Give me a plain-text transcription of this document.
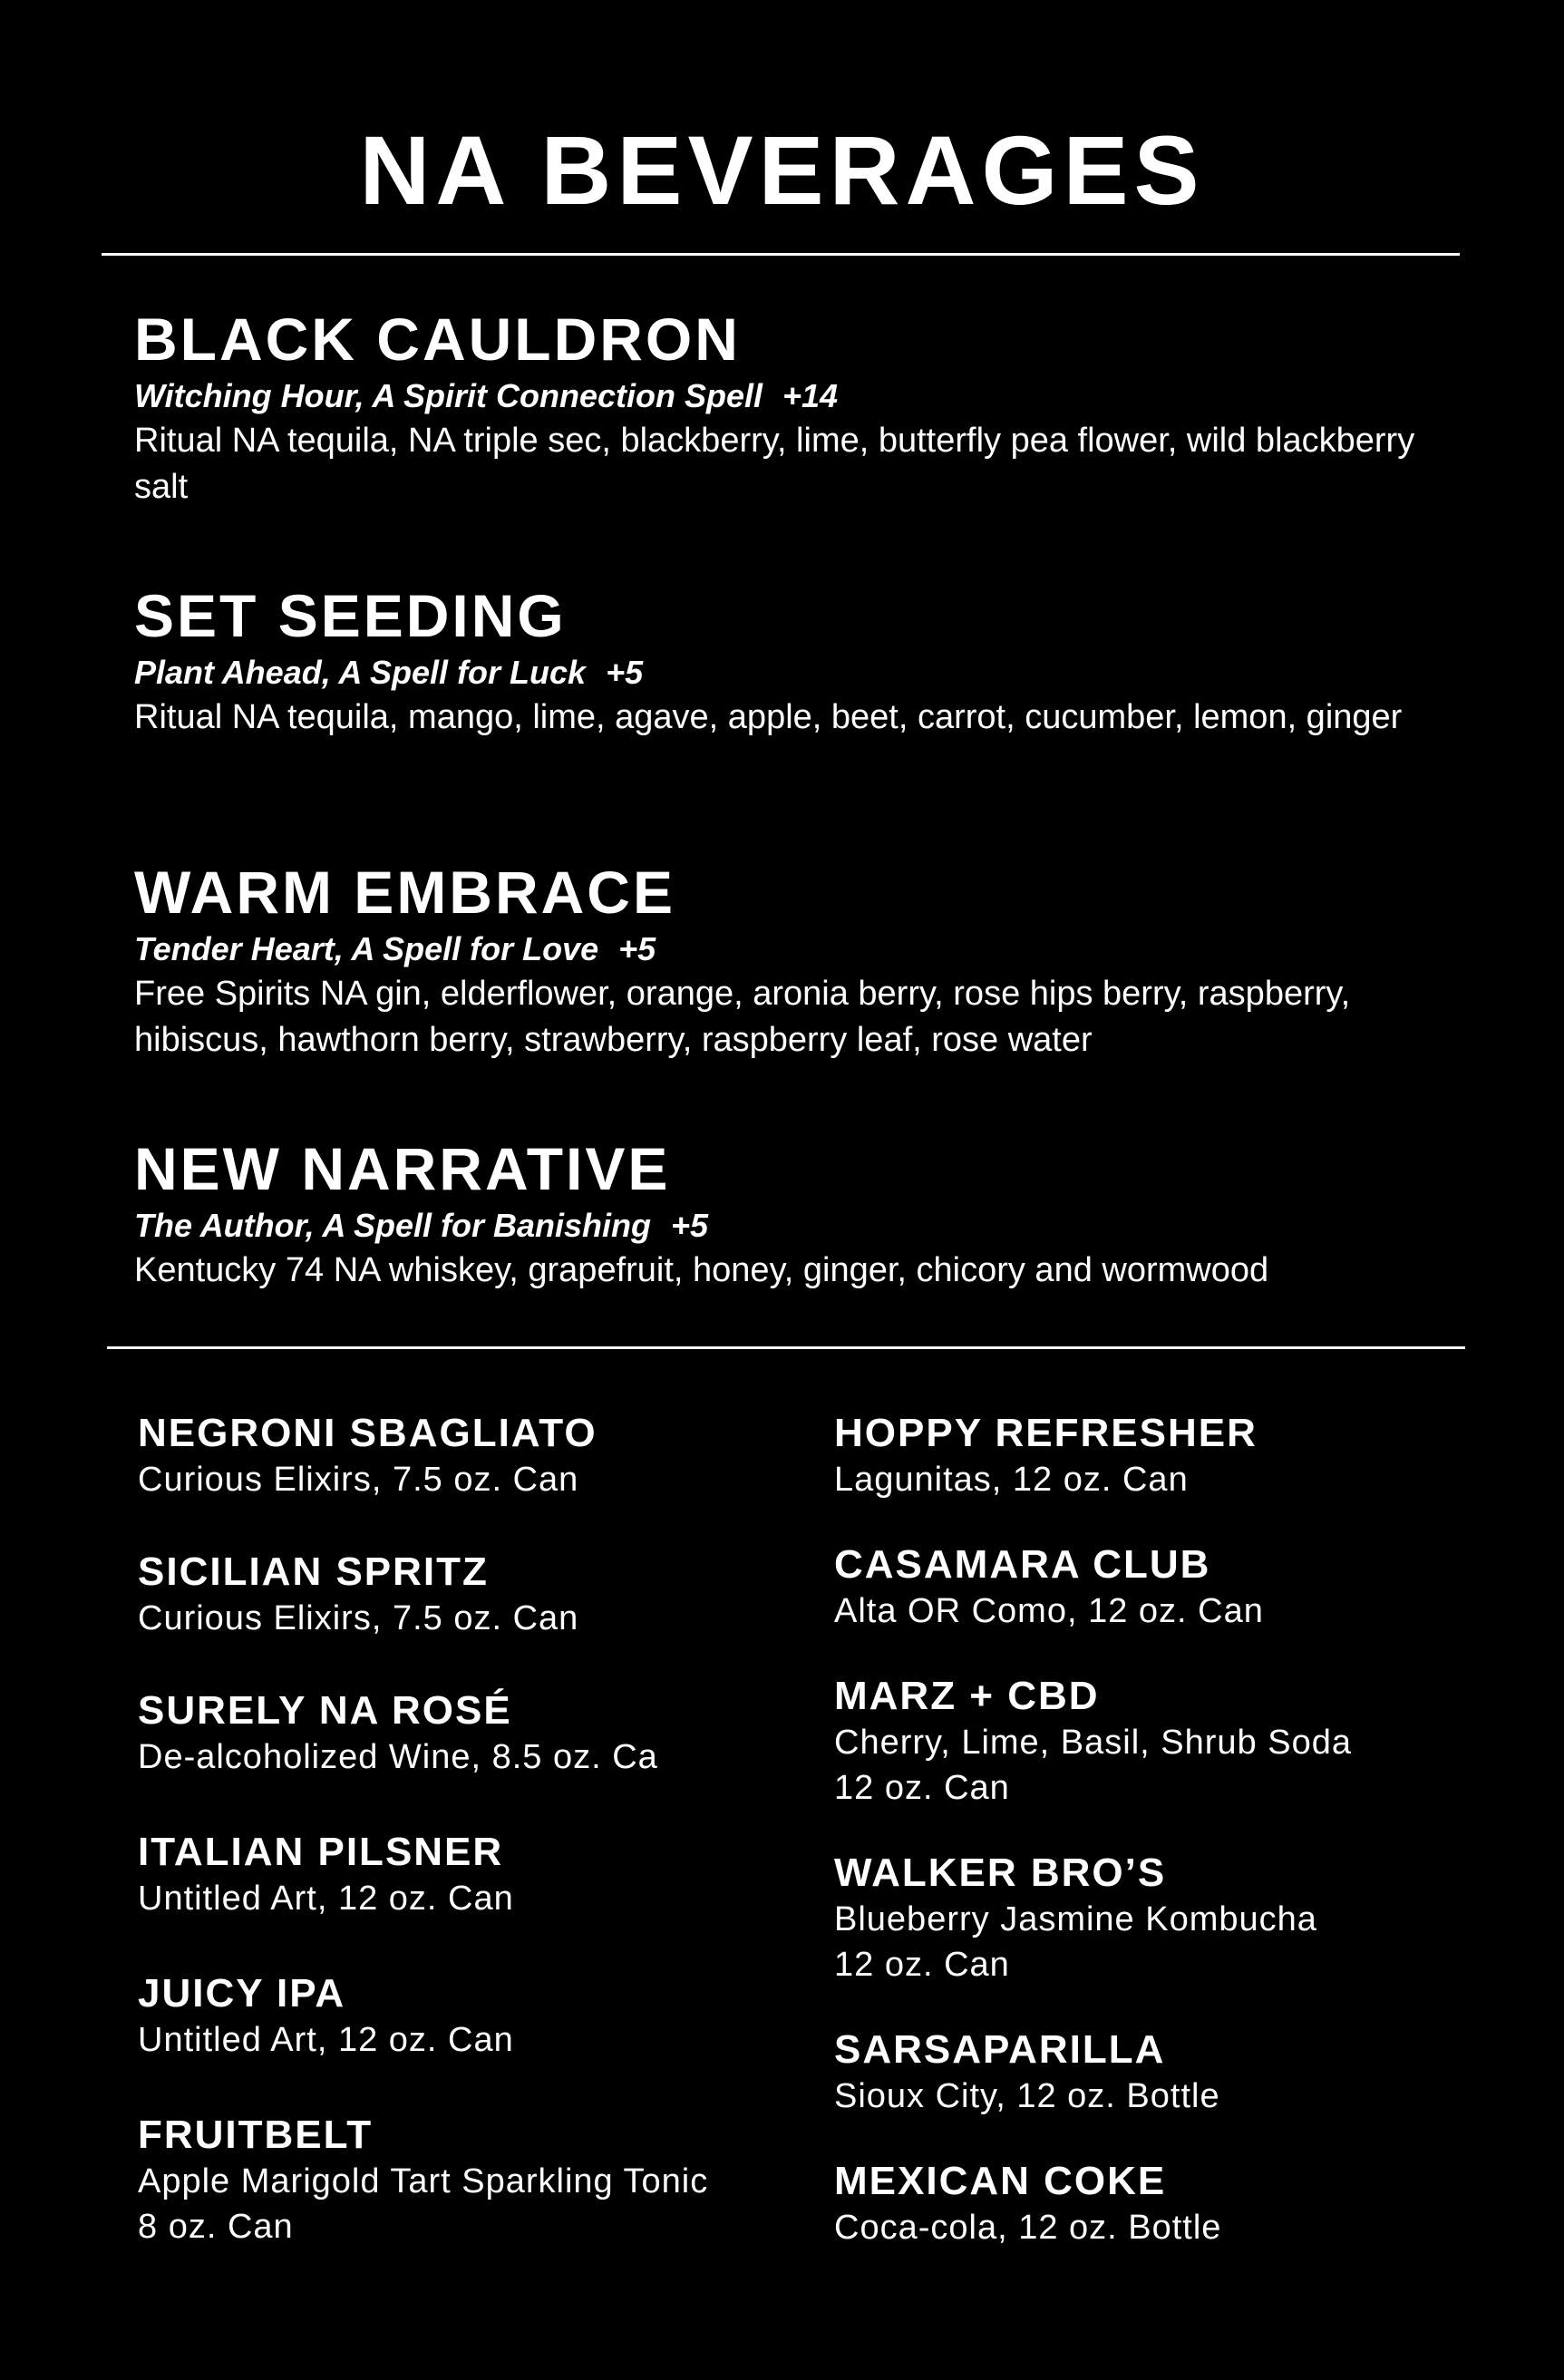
NA BEVERAGES
BLACK CAULDRON
Witching Hour, A Spirit Connection Spell +14
Ritual NA tequila, NA triple sec, blackberry, lime, butterfly pea flower, wild blackberry salt
SET SEEDING
Plant Ahead, A Spell for Luck +5
Ritual NA tequila, mango, lime, agave, apple, beet, carrot, cucumber, lemon, ginger
WARM EMBRACE
Tender Heart, A Spell for Love +5
Free Spirits NA gin, elderflower, orange, aronia berry, rose hips berry, raspberry, hibiscus, hawthorn berry, strawberry, raspberry leaf, rose water
NEW NARRATIVE
The Author, A Spell for Banishing +5
Kentucky 74 NA whiskey, grapefruit, honey, ginger, chicory and wormwood
NEGRONI SBAGLIATO
Curious Elixirs, 7.5 oz. Can
SICILIAN SPRITZ
Curious Elixirs, 7.5 oz. Can
SURELY NA ROSÉ
De-alcoholized Wine, 8.5 oz. Ca
ITALIAN PILSNER
Untitled Art, 12 oz. Can
JUICY IPA
Untitled Art, 12 oz. Can
FRUITBELT
Apple Marigold Tart Sparkling Tonic
8 oz. Can
HOPPY REFRESHER
Lagunitas, 12 oz. Can
CASAMARA CLUB
Alta OR Como, 12 oz. Can
MARZ + CBD
Cherry, Lime, Basil, Shrub Soda
12 oz. Can
WALKER BRO’S
Blueberry Jasmine Kombucha
12 oz. Can
SARSAPARILLA
Sioux City, 12 oz. Bottle
MEXICAN COKE
Coca-cola, 12 oz. Bottle
